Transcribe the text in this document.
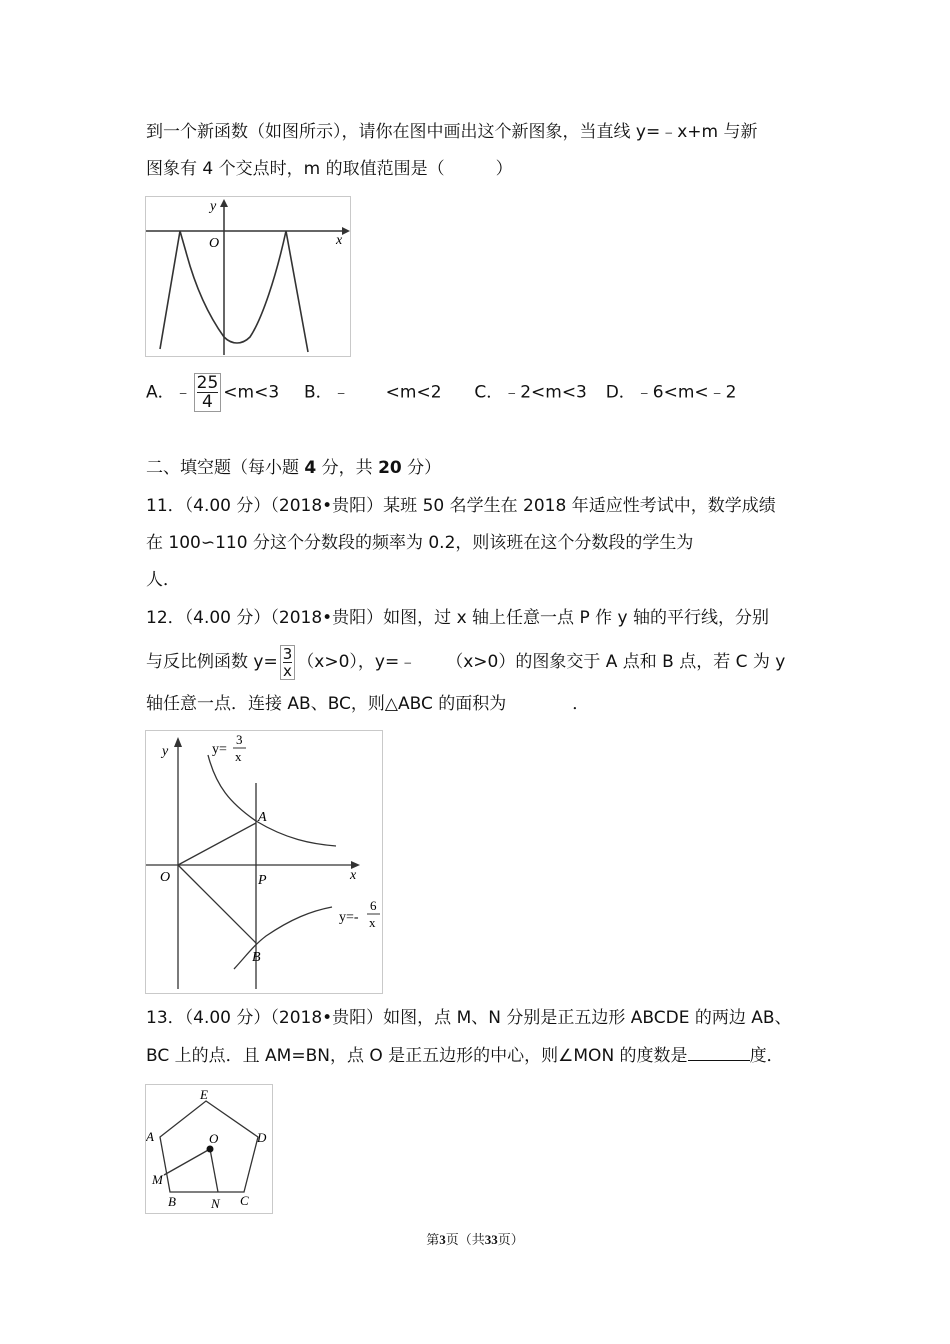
到一个新函数（如图所示），请你在图中画出这个新图象，当直线 y=﹣x+m 与新
图象有 4 个交点时，m 的取值范围是（　　　）
y
x
O
A．﹣ $\frac{25}{4} <m<3$ B．﹣ <m<2 C．﹣2<m<3 D．﹣6<m<﹣2
二、填空题（每小题 4 分，共 20 分）
11．（4.00 分）（2018•贵阳）某班 50 名学生在 2018 年适应性考试中，数学成绩
在 100∽110 分这个分数段的频率为 0.2，则该班在这个分数段的学生为
人．
12．（4.00 分）（2018•贵阳）如图，过 x 轴上任意一点 P 作 y 轴的平行线，分别
与反比例函数 $y= \frac{3}{x} (x>0)$，y=﹣ （x>0）的图象交于 A 点和 B 点，若 C 为 y
轴任意一点．连接 AB、BC，则△ABC 的面积为	．
y
x
O	P
A
B
y=
3
x
y=-
6
x
13．（4.00 分）（2018•贵阳）如图，点 M、N 分别是正五边形 ABCDE 的两边 AB、
BC 上的点．且 AM=BN，点 O 是正五边形的中心，则∠MON 的度数是	度．
E
A	D
O
M
B	N C
第3页（共33页）
